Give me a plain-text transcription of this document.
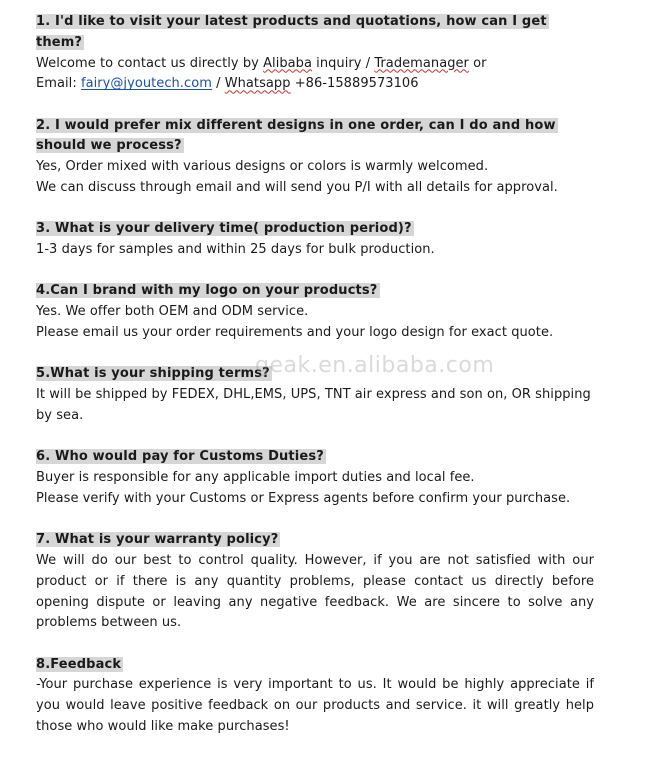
1. I'd like to visit your latest products and quotations, how can I get them?

Welcome to contact us directly by Alibaba inquiry / Trademanager or

Email: fairy@jyoutech.com / Whatsapp +86-15889573106

2. I would prefer mix different designs in one order, can I do and how should we process?

Yes, Order mixed with various designs or colors is warmly welcomed.

We can discuss through email and will send you P/I with all details for approval.

3. What is your delivery time( production period)?

1-3 days for samples and within 25 days for bulk production.

4.Can I brand with my logo on your products?

Yes. We offer both OEM and ODM service.

Please email us your order requirements and your logo design for exact quote.

5.What is your shipping terms?

It will be shipped by FEDEX, DHL,EMS, UPS, TNT air express and son on, OR shipping by sea.

6. Who would pay for Customs Duties?

Buyer is responsible for any applicable import duties and local fee.

Please verify with your Customs or Express agents before confirm your purchase.

7. What is your warranty policy?

We will do our best to control quality. However, if you are not satisfied with our product or if there is any quantity problems, please contact us directly before opening dispute or leaving any negative feedback. We are sincere to solve any problems between us.

8.Feedback

-Your purchase experience is very important to us. It would be highly appreciate if you would leave positive feedback on our products and service. it will greatly help those who would like make purchases!

geak.en.alibaba.com
